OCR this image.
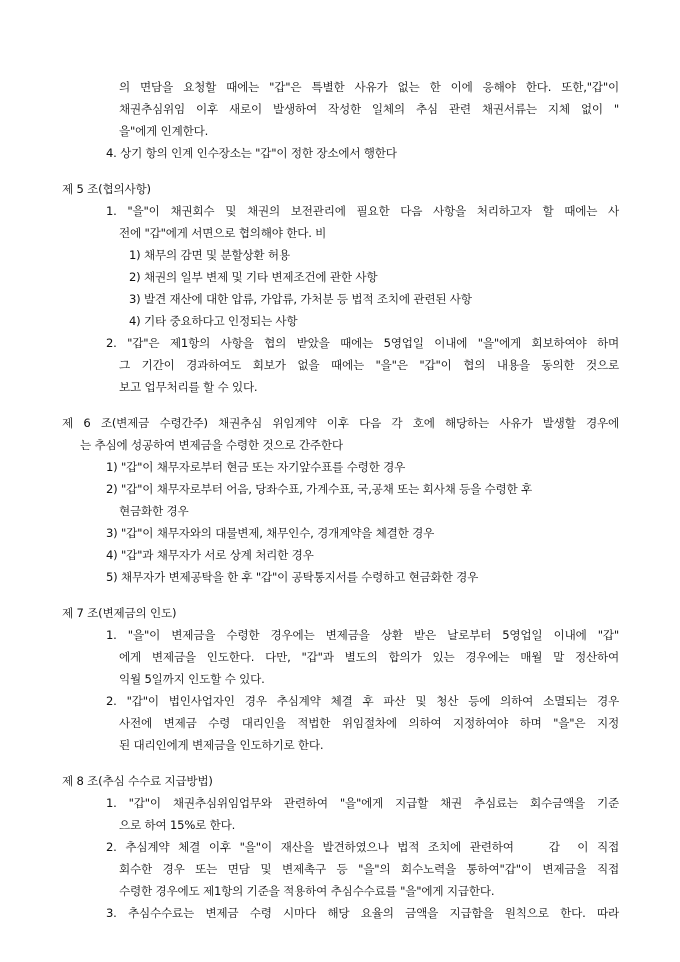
의 면담을 요청할 때에는 "갑"은 특별한 사유가 없는 한 이에 응해야 한다. 또한,"갑"이
채권추심위임 이후 새로이 발생하여 작성한 일체의 추심 관련 채권서류는 지체 없이 "
을"에게 인계한다.
4. 상기 항의 인계 인수장소는 "갑"이 정한 장소에서 행한다
제 5 조(협의사항)
1. "을"이 채권회수 및 채권의 보전관리에 필요한 다음 사항을 처리하고자 할 때에는 사
전에 "갑"에게 서면으로 협의해야 한다. 비
1) 채무의 감면 및 분할상환 허용
2) 채권의 일부 변제 및 기타 변제조건에 관한 사항
3) 발견 재산에 대한 압류, 가압류, 가처분 등 법적 조치에 관련된 사항
4) 기타 중요하다고 인정되는 사항
2. "갑"은 제1항의 사항을 협의 받았을 때에는 5영업일 이내에 "을"에게 회보하여야 하며
그 기간이 경과하여도 회보가 없을 때에는 "을"은 "갑"이 협의 내용을 동의한 것으로
보고 업무처리를 할 수 있다.
제 6 조(변제금 수령간주) 채권추심 위임계약 이후 다음 각 호에 해당하는 사유가 발생할 경우에
는 추심에 성공하여 변제금을 수령한 것으로 간주한다
1) "갑"이 채무자로부터 현금 또는 자기앞수표를 수령한 경우
2) "갑"이 채무자로부터 어음, 당좌수표, 가계수표, 국,공채 또는 회사채 등을 수령한 후
현금화한 경우
3) "갑"이 채무자와의 대물변제, 채무인수, 경개계약을 체결한 경우
4) "갑"과 채무자가 서로 상계 처리한 경우
5) 채무자가 변제공탁을 한 후 "갑"이 공탁통지서를 수령하고 현금화한 경우
제 7 조(변제금의 인도)
1. "을"이 변제금을 수령한 경우에는 변제금을 상환 받은 날로부터 5영업일 이내에 "갑"
에게 변제금을 인도한다. 다만, "갑"과 별도의 합의가 있는 경우에는 매월 말 정산하여
익월 5일까지 인도할 수 있다.
2. "갑"이 법인사업자인 경우 추심계약 체결 후 파산 및 청산 등에 의하여 소멸되는 경우
사전에 변제금 수령 대리인을 적법한 위임절차에 의하여 지정하여야 하며 "을"은 지정
된 대리인에게 변제금을 인도하기로 한다.
제 8 조(추심 수수료 지급방법)
1. "갑"이 채권추심위임업무와 관련하여 "을"에게 지급할 채권 추심료는 회수금액을 기준
으로 하여 15%로 한다.
2. 추심계약 체결 이후 "을"이 재산을 발견하였으나 법적 조치에 관련하여    갑  이 직접
회수한 경우 또는 면담 및 변제촉구 등 "을"의 회수노력을 통하여"갑"이 변제금을 직접
수령한 경우에도 제1항의 기준을 적용하여 추심수수료를 "을"에게 지급한다.
3. 추심수수료는 변제금 수령 시마다 해당 요율의 금액을 지급함을 원칙으로 한다. 따라
